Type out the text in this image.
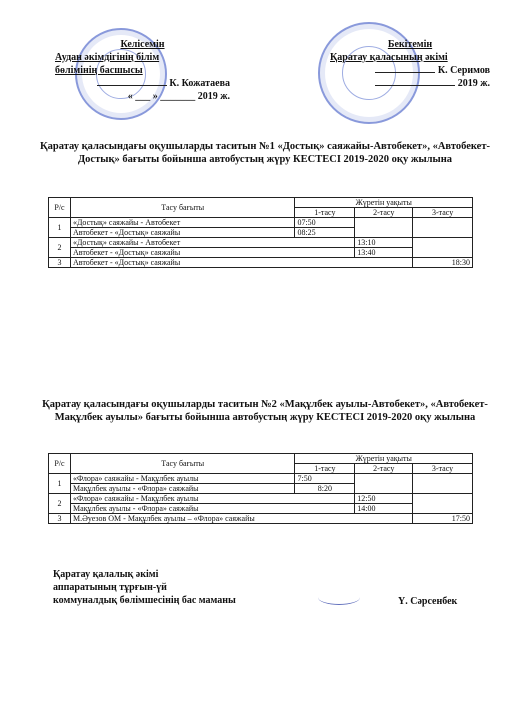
Келісемін
Аудан әкімдігінің білім
бөлімінің басшысы
К. Кожатаева
« ___ » _______ 2019 ж.
Бекітемін
Қаратау қаласының әкімі
К. Серимов
2019 ж.
Қаратау қаласындағы оқушыларды таситын №1 «Достық» саяжайы-Автобекет», «Автобекет-Достық» бағыты бойынша автобустың жүру КЕСТЕСІ 2019-2020 оқу жылына
Р/с	Тасу бағыты	Жүретін уақыты		
		1-тасу	2-тасу	3-тасу
1	«Достық» саяжайы - Автобекет	07:50		
	Автобекет - «Достық» саяжайы	08:25		
2	«Достық» саяжайы - Автобекет		13:10	
	Автобекет - «Достық» саяжайы		13:40	
3	Автобекет - «Достық» саяжайы			18:30
Қаратау қаласындағы оқушыларды таситын №2 «Мақұлбек ауылы-Автобекет», «Автобекет-Мақұлбек ауылы» бағыты бойынша автобустың жүру КЕСТЕСІ 2019-2020 оқу жылына
Р/с	Тасу бағыты	Жүретін уақыты		
		1-тасу	2-тасу	3-тасу
1	«Флора» саяжайы - Мақұлбек ауылы	7:50		
	Мақұлбек ауылы - «Флора» саяжайы	8:20		
2	«Флора» саяжайы - Мақұлбек ауылы		12:50	
	Мақұлбек ауылы - «Флора» саяжайы		14:00	
3	М.Әуезов ОМ - Мақұлбек ауылы – «Флора» саяжайы			17:50
Қаратау қалалық әкімі
аппаратының тұрғын-үй
коммуналдық бөлімшесінің бас маманы	Ү. Сәрсенбек
